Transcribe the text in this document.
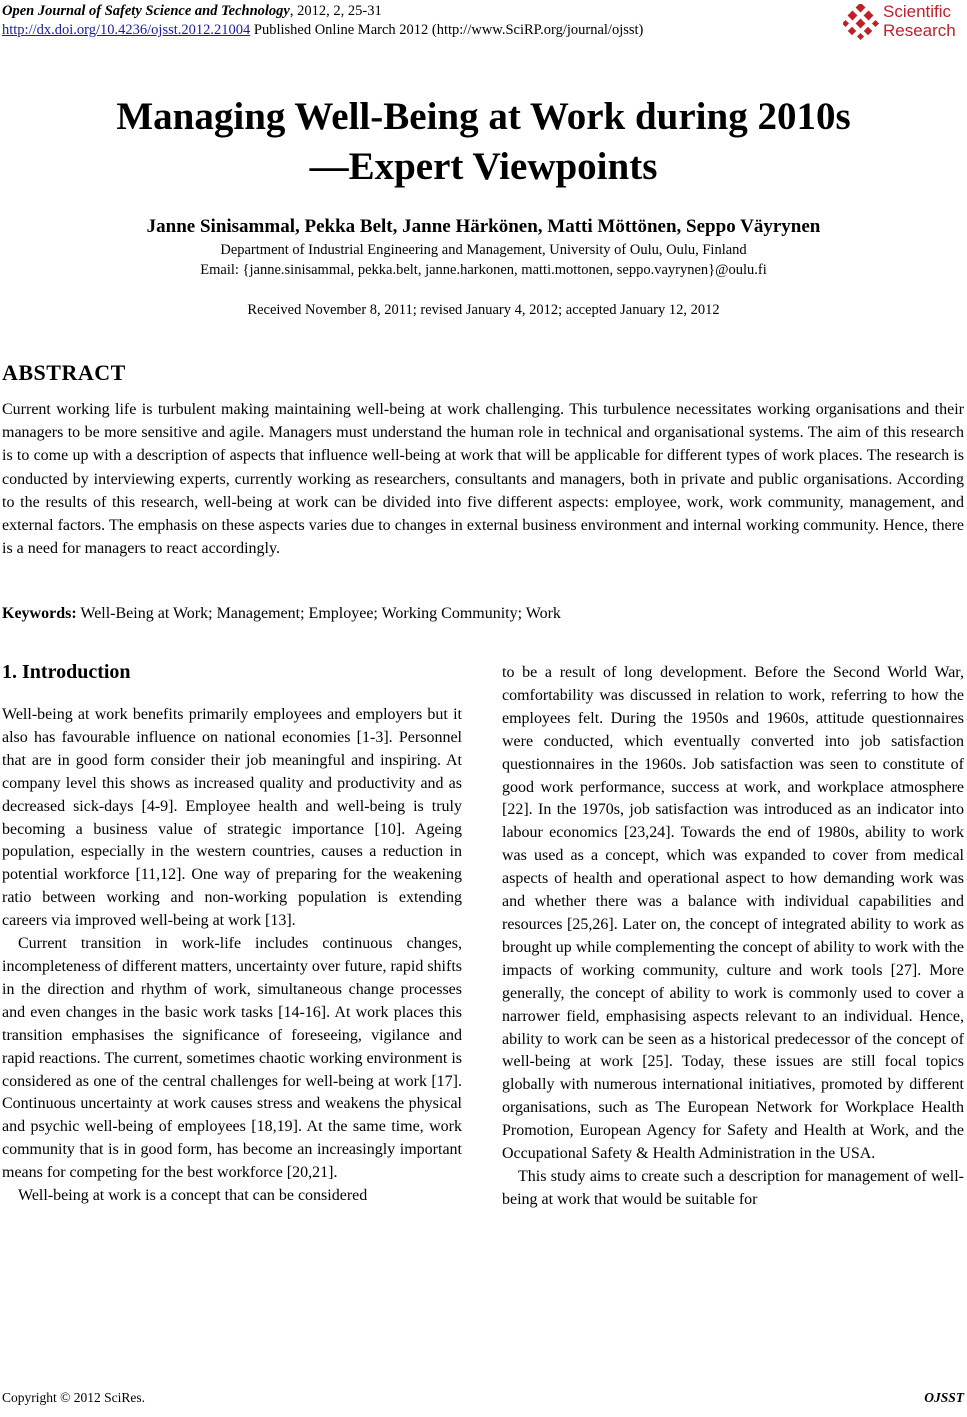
Open Journal of Safety Science and Technology, 2012, 2, 25-31
http://dx.doi.org/10.4236/ojsst.2012.21004 Published Online March 2012 (http://www.SciRP.org/journal/ojsst)
Scientific
Research
Managing Well-Being at Work during 2010s
—Expert Viewpoints
Janne Sinisammal, Pekka Belt, Janne Härkönen, Matti Möttönen, Seppo Väyrynen
Department of Industrial Engineering and Management, University of Oulu, Oulu, Finland
Email: {janne.sinisammal, pekka.belt, janne.harkonen, matti.mottonen, seppo.vayrynen}@oulu.fi
Received November 8, 2011; revised January 4, 2012; accepted January 12, 2012
ABSTRACT
Current working life is turbulent making maintaining well-being at work challenging. This turbulence necessitates working organisations and their managers to be more sensitive and agile. Managers must understand the human role in technical and organisational systems. The aim of this research is to come up with a description of aspects that influence well-being at work that will be applicable for different types of work places. The research is conducted by interviewing experts, currently working as researchers, consultants and managers, both in private and public organisations. According to the results of this research, well-being at work can be divided into five different aspects: employee, work, work community, management, and external factors. The emphasis on these aspects varies due to changes in external business environment and internal working community. Hence, there is a need for managers to react accordingly.
Keywords: Well-Being at Work; Management; Employee; Working Community; Work
1. Introduction

Well-being at work benefits primarily employees and employers but it also has favourable influence on national economies [1-3]. Personnel that are in good form consider their job meaningful and inspiring. At company level this shows as increased quality and productivity and as decreased sick-days [4-9]. Employee health and well-being is truly becoming a business value of strategic importance [10]. Ageing population, especially in the western countries, causes a reduction in potential workforce [11,12]. One way of preparing for the weakening ratio between working and non-working population is extending careers via improved well-being at work [13].

Current transition in work-life includes continuous changes, incompleteness of different matters, uncertainty over future, rapid shifts in the direction and rhythm of work, simultaneous change processes and even changes in the basic work tasks [14-16]. At work places this transition emphasises the significance of foreseeing, vigilance and rapid reactions. The current, sometimes chaotic working environment is considered as one of the central challenges for well-being at work [17]. Continuous uncertainty at work causes stress and weakens the physical and psychic well-being of employees [18,19]. At the same time, work community that is in good form, has become an increasingly important means for competing for the best workforce [20,21].

Well-being at work is a concept that can be considered

to be a result of long development. Before the Second World War, comfortability was discussed in relation to work, referring to how the employees felt. During the 1950s and 1960s, attitude questionnaires were conducted, which eventually converted into job satisfaction questionnaires in the 1960s. Job satisfaction was seen to constitute of good work performance, success at work, and workplace atmosphere [22]. In the 1970s, job satisfaction was introduced as an indicator into labour economics [23,24]. Towards the end of 1980s, ability to work was used as a concept, which was expanded to cover from medical aspects of health and operational aspect to how demanding work was and whether there was a balance with individual capabilities and resources [25,26]. Later on, the concept of integrated ability to work as brought up while complementing the concept of ability to work with the impacts of working community, culture and work tools [27]. More generally, the concept of ability to work is commonly used to cover a narrower field, emphasising aspects relevant to an individual. Hence, ability to work can be seen as a historical predecessor of the concept of well-being at work [25]. Today, these issues are still focal topics globally with numerous international initiatives, promoted by different organisations, such as The European Network for Workplace Health Promotion, European Agency for Safety and Health at Work, and the Occupational Safety & Health Administration in the USA.

This study aims to create such a description for management of well-being at work that would be suitable for

Copyright © 2012 SciRes.	OJSST
